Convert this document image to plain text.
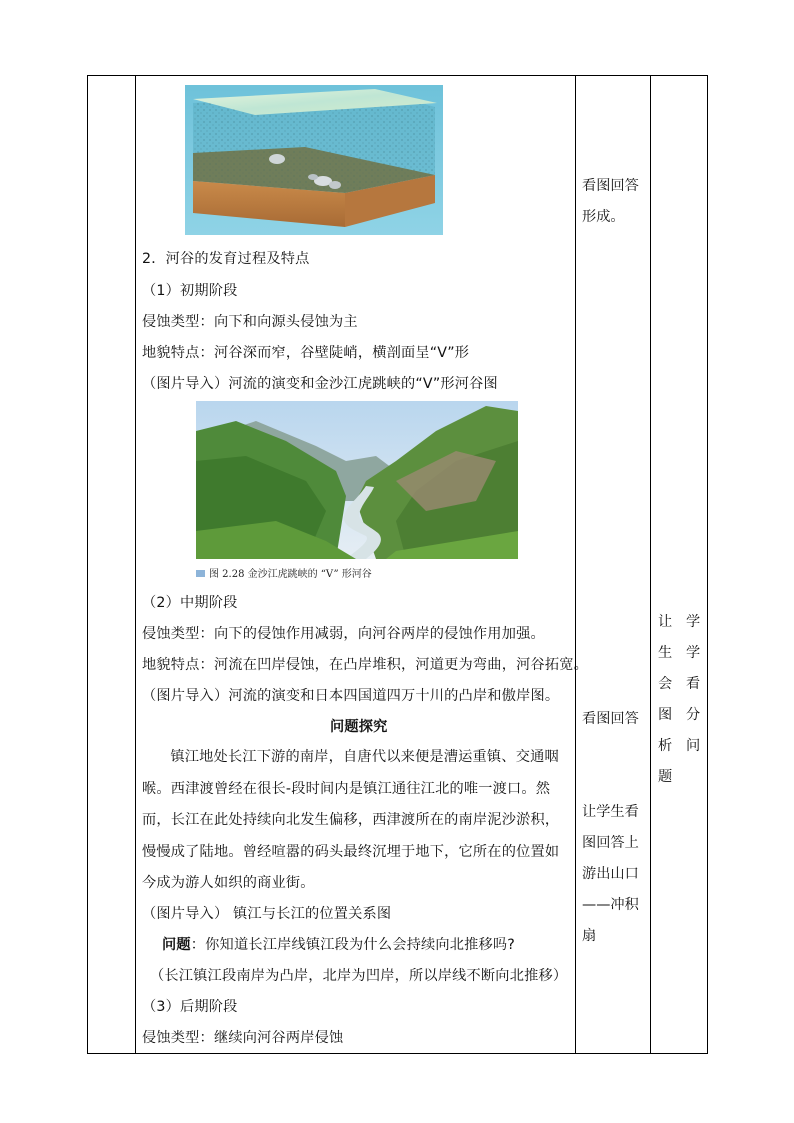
2．河谷的发育过程及特点
（1）初期阶段
侵蚀类型：向下和向源头侵蚀为主
地貌特点：河谷深而窄，谷壁陡峭，横剖面呈“V”形
（图片导入）河流的演变和金沙江虎跳峡的“V”形河谷图
图 2.28 金沙江虎跳峡的 “V” 形河谷
（2）中期阶段
侵蚀类型：向下的侵蚀作用减弱，向河谷两岸的侵蚀作用加强。
地貌特点：河流在凹岸侵蚀，在凸岸堆积，河道更为弯曲，河谷拓宽。
（图片导入）河流的演变和日本四国道四万十川的凸岸和傲岸图。
问题探究
镇江地处长江下游的南岸，自唐代以来便是漕运重镇、交通咽喉。西津渡曾经在很长-段时间内是镇江通往江北的唯一渡口。然而，长江在此处持续向北发生偏移，西津渡所在的南岸泥沙淤积，慢慢成了陆地。曾经喧嚣的码头最终沉埋于地下，它所在的位置如今成为游人如织的商业街。
（图片导入） 镇江与长江的位置关系图
问题：你知道长江岸线镇江段为什么会持续向北推移吗?
（长江镇江段南岸为凸岸，北岸为凹岸，所以岸线不断向北推移）
（3）后期阶段
侵蚀类型：继续向河谷两岸侵蚀
看图回答形成。
看图回答
让学生看图回答上游出山口——冲积扇
让生会图析题
学学看分问
